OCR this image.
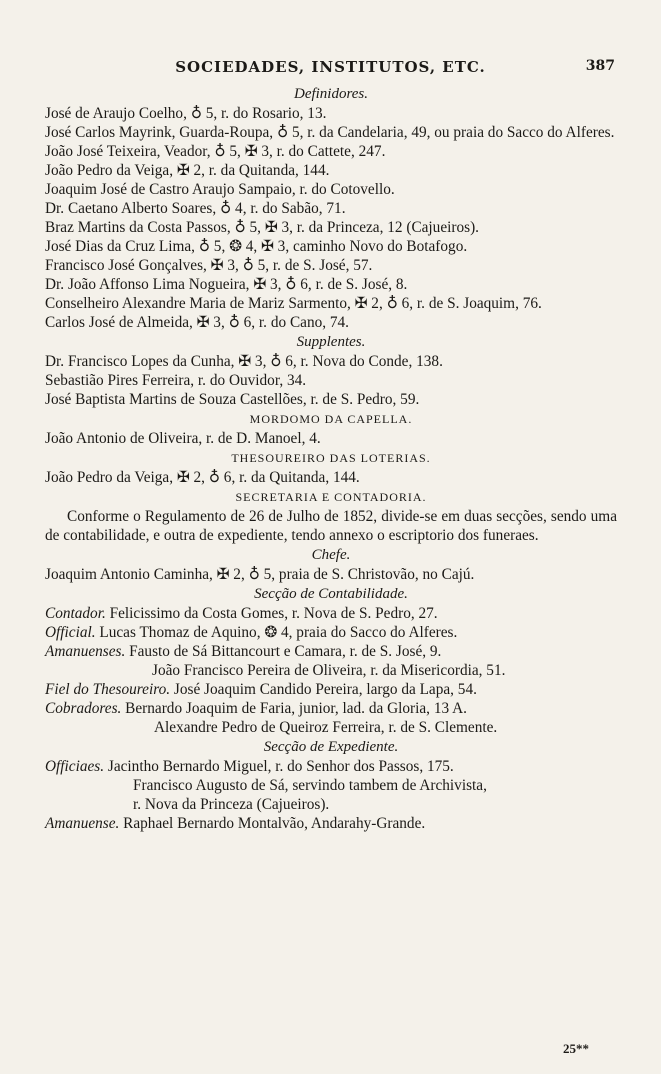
SOCIEDADES, INSTITUTOS, ETC.	387
Definidores.
José de Araujo Coelho, ♁ 5, r. do Rosario, 13.
José Carlos Mayrink, Guarda-Roupa, ♁ 5, r. da Candelaria, 49, ou praia do Sacco do Alferes.
João José Teixeira, Veador, ♁ 5, ✠ 3, r. do Cattete, 247.
João Pedro da Veiga, ✠ 2, r. da Quitanda, 144.
Joaquim José de Castro Araujo Sampaio, r. do Cotovello.
Dr. Caetano Alberto Soares, ♁ 4, r. do Sabão, 71.
Braz Martins da Costa Passos, ♁ 5, ✠ 3, r. da Princeza, 12 (Cajueiros).
José Dias da Cruz Lima, ♁ 5, ❂ 4, ✠ 3, caminho Novo do Botafogo.
Francisco José Gonçalves, ✠ 3, ♁ 5, r. de S. José, 57.
Dr. João Affonso Lima Nogueira, ✠ 3, ♁ 6, r. de S. José, 8.
Conselheiro Alexandre Maria de Mariz Sarmento, ✠ 2, ♁ 6, r. de S. Joaquim, 76.
Carlos José de Almeida, ✠ 3, ♁ 6, r. do Cano, 74.
Supplentes.
Dr. Francisco Lopes da Cunha, ✠ 3, ♁ 6, r. Nova do Conde, 138.
Sebastião Pires Ferreira, r. do Ouvidor, 34.
José Baptista Martins de Souza Castellões, r. de S. Pedro, 59.
MORDOMO DA CAPELLA.
João Antonio de Oliveira, r. de D. Manoel, 4.
THESOUREIRO DAS LOTERIAS.
João Pedro da Veiga, ✠ 2, ♁ 6, r. da Quitanda, 144.
SECRETARIA E CONTADORIA.
Conforme o Regulamento de 26 de Julho de 1852, divide-se em duas secções, sendo uma de contabilidade, e outra de expediente, tendo annexo o escriptorio dos funeraes.
Chefe.
Joaquim Antonio Caminha, ✠ 2, ♁ 5, praia de S. Christovão, no Cajú.
Secção de Contabilidade.
Contador. Felicissimo da Costa Gomes, r. Nova de S. Pedro, 27.
Official. Lucas Thomaz de Aquino, ❂ 4, praia do Sacco do Alferes.
Amanuenses. Fausto de Sá Bittancourt e Camara, r. de S. José, 9.
João Francisco Pereira de Oliveira, r. da Misericordia, 51.
Fiel do Thesoureiro. José Joaquim Candido Pereira, largo da Lapa, 54.
Cobradores. Bernardo Joaquim de Faria, junior, lad. da Gloria, 13 A.
Alexandre Pedro de Queiroz Ferreira, r. de S. Clemente.
Secção de Expediente.
Officiaes. Jacintho Bernardo Miguel, r. do Senhor dos Passos, 175.
Francisco Augusto de Sá, servindo tambem de Archivista,
r. Nova da Princeza (Cajueiros).
Amanuense. Raphael Bernardo Montalvão, Andarahy-Grande.
25**
